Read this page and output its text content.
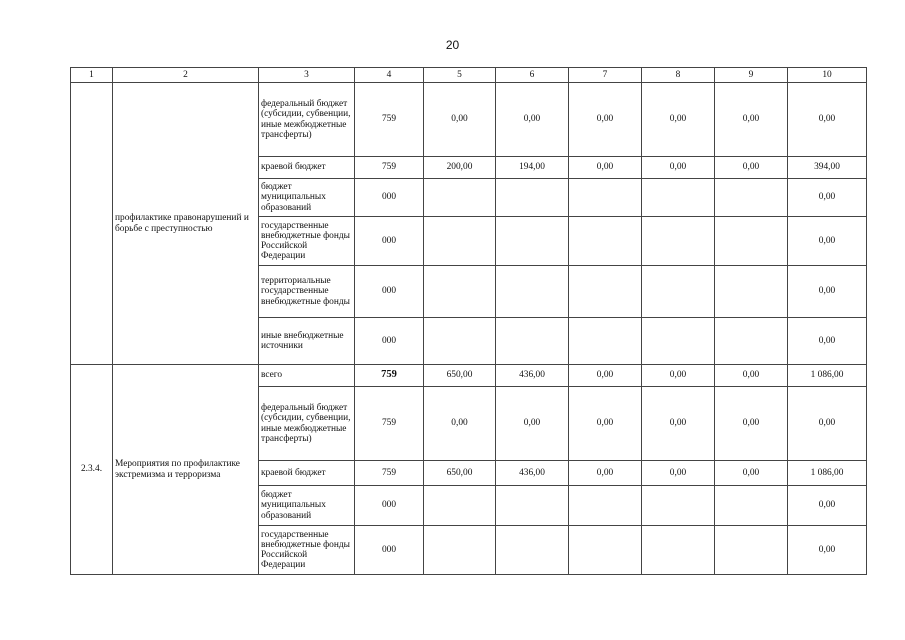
20
1	2	3	4	5	6	7	8	9	10
	профилактике правонарушений и борьбе с преступностью	федеральный бюджет (субсидии, субвенции, иные межбюджетные трансферты)	759	0,00	0,00	0,00	0,00	0,00	0,00
		краевой бюджет	759	200,00	194,00	0,00	0,00	0,00	394,00
		бюджет муниципальных образований	000						0,00
		государственные внебюджетные фонды Российской Федерации	000						0,00
		территориальные государственные внебюджетные фонды	000						0,00
		иные внебюджетные источники	000						0,00
2.3.4.	Мероприятия по профилактике экстремизма и терроризма	всего	759	650,00	436,00	0,00	0,00	0,00	1 086,00
		федеральный бюджет (субсидии, субвенции, иные межбюджетные трансферты)	759	0,00	0,00	0,00	0,00	0,00	0,00
		краевой бюджет	759	650,00	436,00	0,00	0,00	0,00	1 086,00
		бюджет муниципальных образований	000						0,00
		государственные внебюджетные фонды Российской Федерации	000						0,00
